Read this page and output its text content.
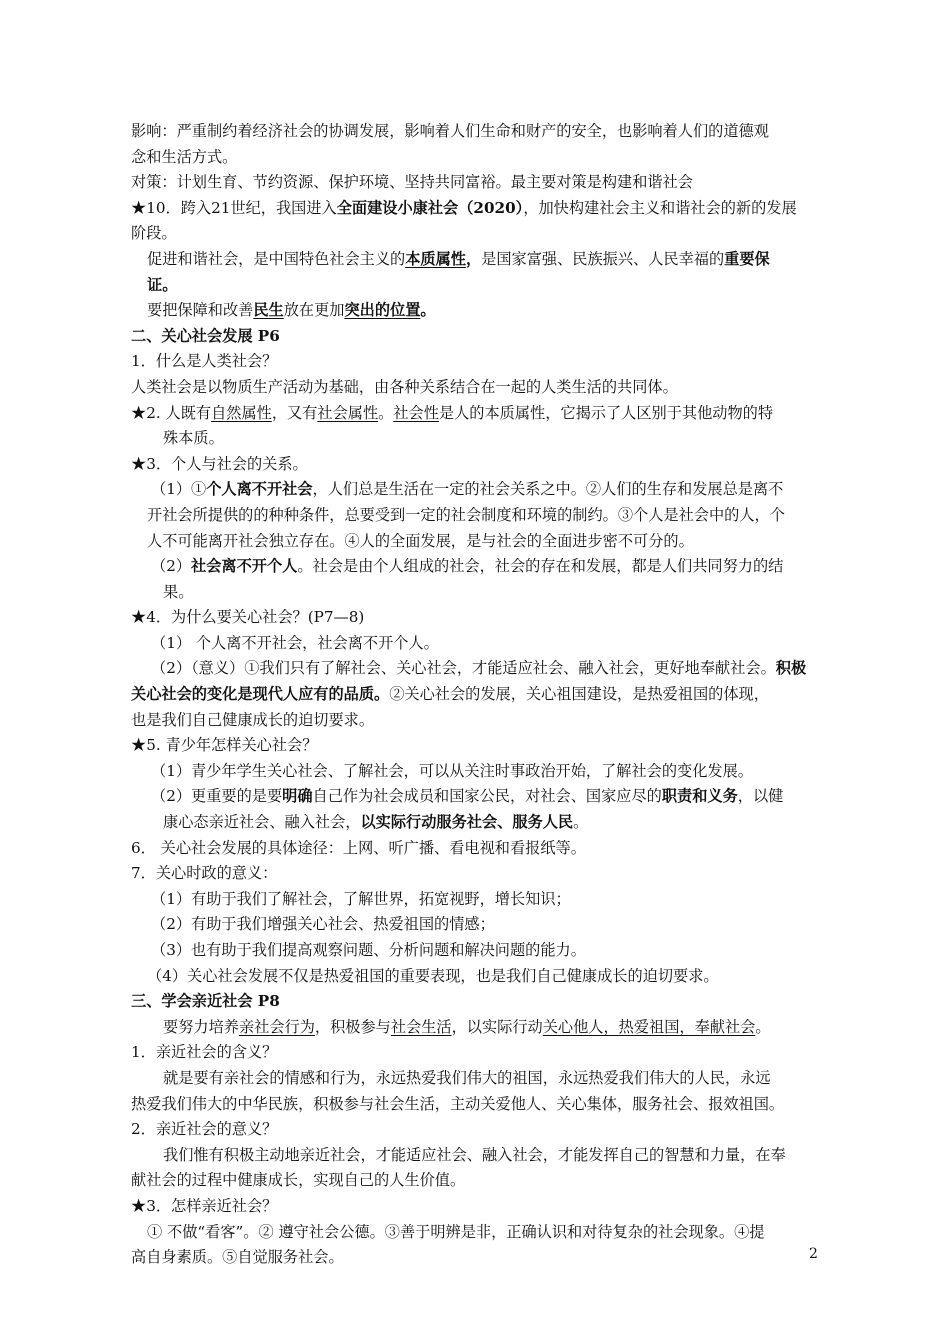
影响：严重制约着经济社会的协调发展，影响着人们生命和财产的安全，也影响着人们的道德观
念和生活方式。
对策：计划生育、节约资源、保护环境、坚持共同富裕。最主要对策是构建和谐社会
★10．跨入21世纪，我国进入全面建设小康社会（2020），加快构建社会主义和谐社会的新的发展
阶段。
促进和谐社会，是中国特色社会主义的本质属性，是国家富强、民族振兴、人民幸福的重要保
证。
要把保障和改善民生放在更加突出的位置。
二、关心社会发展 P6
1．什么是人类社会？
人类社会是以物质生产活动为基础，由各种关系结合在一起的人类生活的共同体。
★2. 人既有自然属性，又有社会属性。社会性是人的本质属性，它揭示了人区别于其他动物的特
殊本质。
★3．个人与社会的关系。
（1）①个人离不开社会，人们总是生活在一定的社会关系之中。②人们的生存和发展总是离不
开社会所提供的的种种条件，总要受到一定的社会制度和环境的制约。③个人是社会中的人，个
人不可能离开社会独立存在。④人的全面发展，是与社会的全面进步密不可分的。
（2）社会离不开个人。社会是由个人组成的社会，社会的存在和发展，都是人们共同努力的结
果。
★4．为什么要关心社会？(P7—8)
（1） 个人离不开社会，社会离不开个人。
（2）（意义）①我们只有了解社会、关心社会，才能适应社会、融入社会，更好地奉献社会。积极
关心社会的变化是现代人应有的品质。②关心社会的发展，关心祖国建设，是热爱祖国的体现，
也是我们自己健康成长的迫切要求。
★5. 青少年怎样关心社会？
（1）青少年学生关心社会、了解社会，可以从关注时事政治开始，了解社会的变化发展。
（2）更重要的是要明确自己作为社会成员和国家公民，对社会、国家应尽的职责和义务，以健
康心态亲近社会、融入社会，以实际行动服务社会、服务人民。
6． 关心社会发展的具体途径：上网、听广播、看电视和看报纸等。
7．关心时政的意义：
（1）有助于我们了解社会，了解世界，拓宽视野，增长知识；
（2）有助于我们增强关心社会、热爱祖国的情感；
（3）也有助于我们提高观察问题、分析问题和解决问题的能力。
（4）关心社会发展不仅是热爱祖国的重要表现，也是我们自己健康成长的迫切要求。
三、学会亲近社会 P8
要努力培养亲社会行为，积极参与社会生活，以实际行动关心他人，热爱祖国，奉献社会。
1．亲近社会的含义？
就是要有亲社会的情感和行为，永远热爱我们伟大的祖国，永远热爱我们伟大的人民，永远
热爱我们伟大的中华民族，积极参与社会生活，主动关爱他人、关心集体，服务社会、报效祖国。
2．亲近社会的意义？
我们惟有积极主动地亲近社会，才能适应社会、融入社会，才能发挥自己的智慧和力量，在奉
献社会的过程中健康成长，实现自己的人生价值。
★3．怎样亲近社会？
① 不做“看客”。② 遵守社会公德。③善于明辨是非，正确认识和对待复杂的社会现象。④提
高自身素质。⑤自觉服务社会。	2
